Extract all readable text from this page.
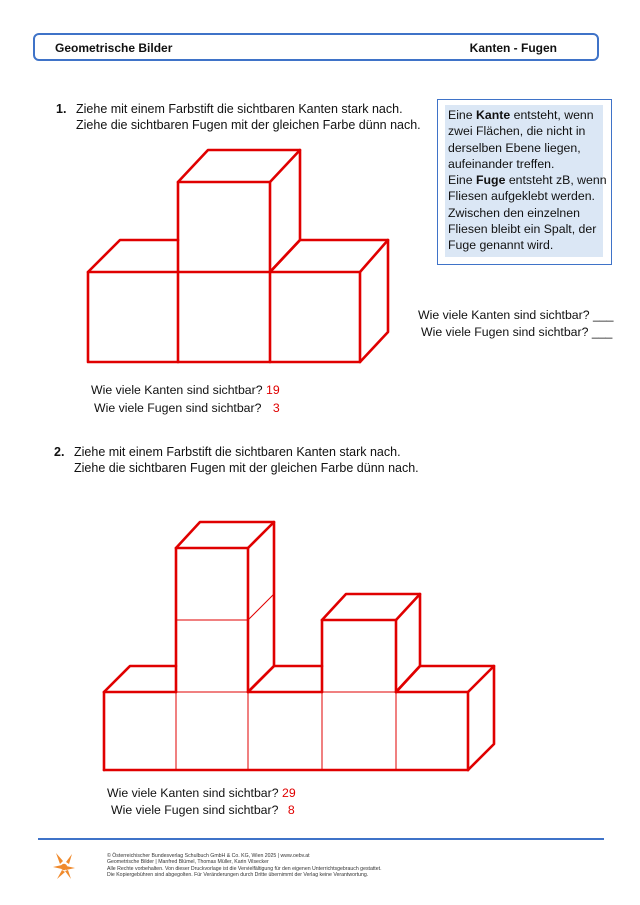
Geometrische Bilder	Kanten - Fugen
1. Ziehe mit einem Farbstift die sichtbaren Kanten stark nach.
Ziehe die sichtbaren Fugen mit der gleichen Farbe dünn nach.
Eine Kante entsteht, wenn zwei Flächen, die nicht in derselben Ebene liegen, aufeinander treffen.
Eine Fuge entsteht zB, wenn Fliesen aufgeklebt werden.
Zwischen den einzelnen Fliesen bleibt ein Spalt, der Fuge genannt wird.
Wie viele Kanten sind sichtbar? ___
Wie viele Fugen sind sichtbar? ___
Wie viele Kanten sind sichtbar? 19
Wie viele Fugen sind sichtbar? 3
2. Ziehe mit einem Farbstift die sichtbaren Kanten stark nach.
Ziehe die sichtbaren Fugen mit der gleichen Farbe dünn nach.
Wie viele Kanten sind sichtbar? 29
Wie viele Fugen sind sichtbar? 8
© Österreichischer Bundesverlag Schulbuch GmbH & Co. KG, Wien 2025 | www.oebv.at
Geometrische Bilder | Manfred Blümel, Thomas Müller, Karin Vilsecker
Alle Rechte vorbehalten. Von dieser Druckvorlage ist die Vervielfältigung für den eigenen Unterrichtsgebrauch gestattet.
Die Kopiergebühren sind abgegolten. Für Veränderungen durch Dritte übernimmt der Verlag keine Verantwortung.
